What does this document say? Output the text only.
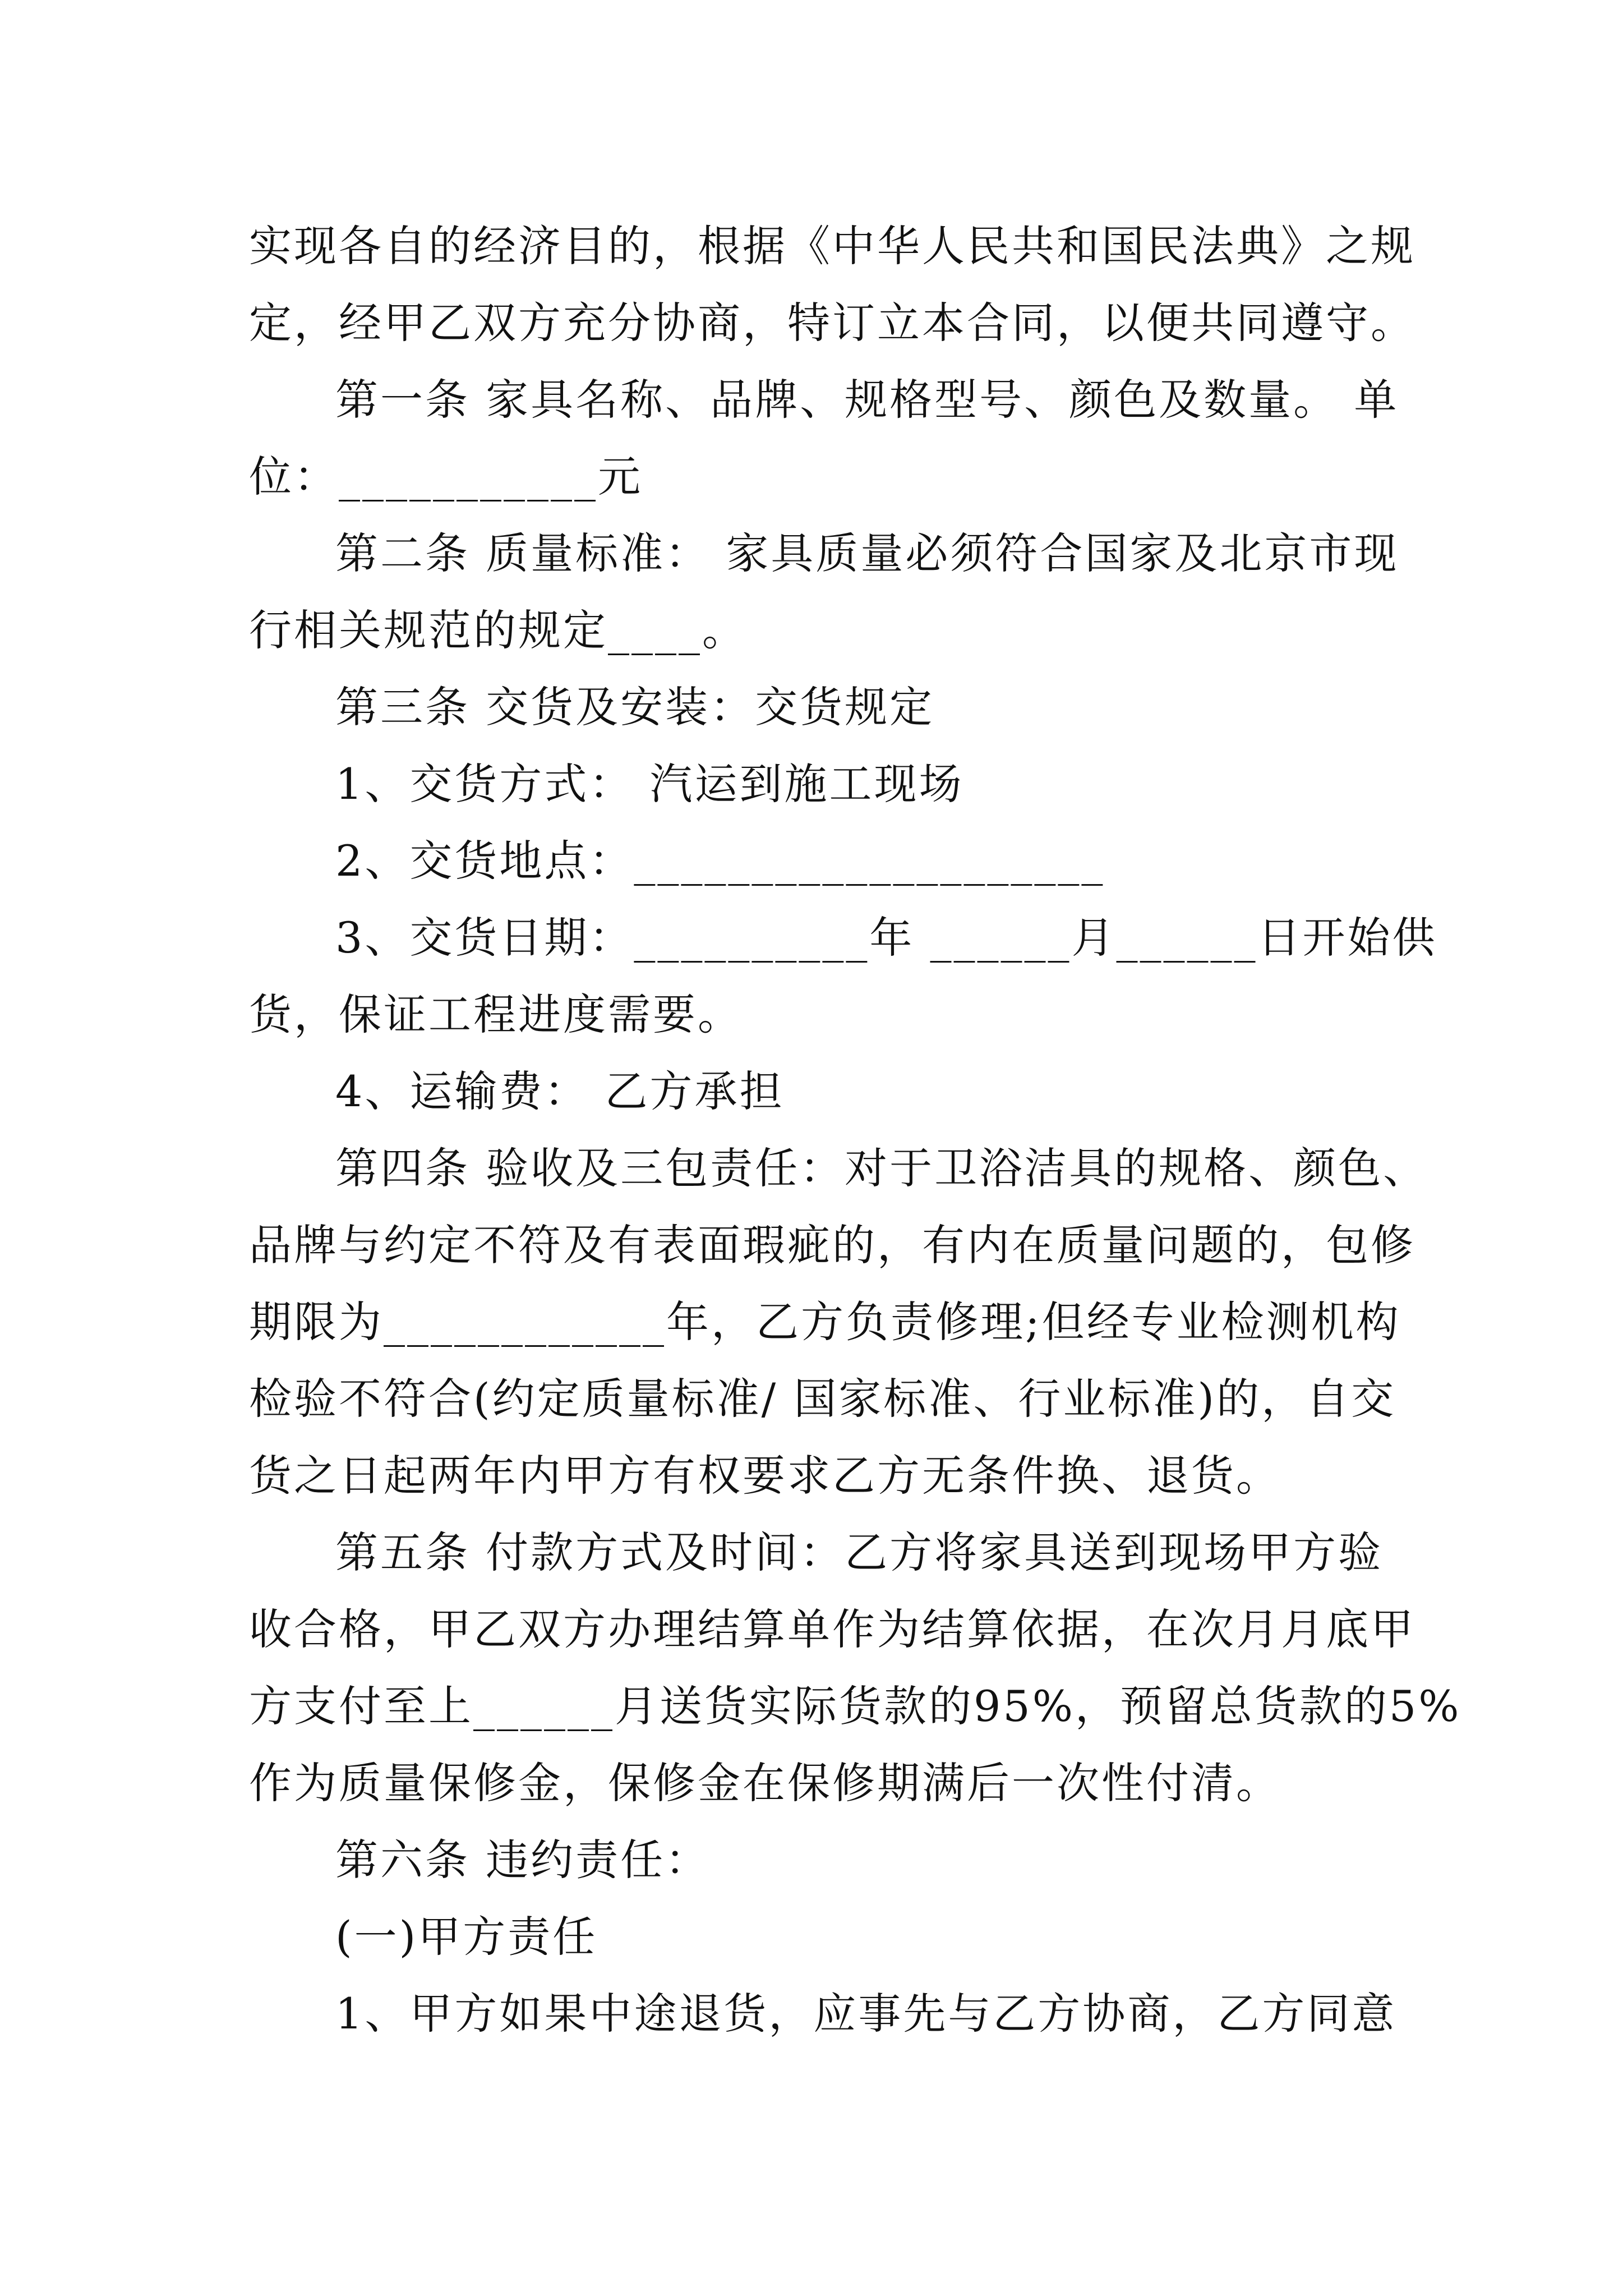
实现各自的经济目的，根据《中华人民共和国民法典》之规
定，经甲乙双方充分协商，特订立本合同，以便共同遵守。
第一条 家具名称、品牌、规格型号、颜色及数量。 单
位：___________元
第二条 质量标准： 家具质量必须符合国家及北京市现
行相关规范的规定____。
第三条 交货及安装：交货规定
1、交货方式： 汽运到施工现场
2、交货地点：____________________
3、交货日期：__________年 ______月______日开始供
货，保证工程进度需要。
4、运输费： 乙方承担
第四条 验收及三包责任：对于卫浴洁具的规格、颜色、
品牌与约定不符及有表面瑕疵的，有内在质量问题的，包修
期限为____________年，乙方负责修理;但经专业检测机构
检验不符合(约定质量标准/ 国家标准、行业标准)的，自交
货之日起两年内甲方有权要求乙方无条件换、退货。
第五条 付款方式及时间：乙方将家具送到现场甲方验
收合格，甲乙双方办理结算单作为结算依据，在次月月底甲
方支付至上______月送货实际货款的95%，预留总货款的5%
作为质量保修金，保修金在保修期满后一次性付清。
第六条 违约责任：
(一)甲方责任
1、甲方如果中途退货，应事先与乙方协商，乙方同意
